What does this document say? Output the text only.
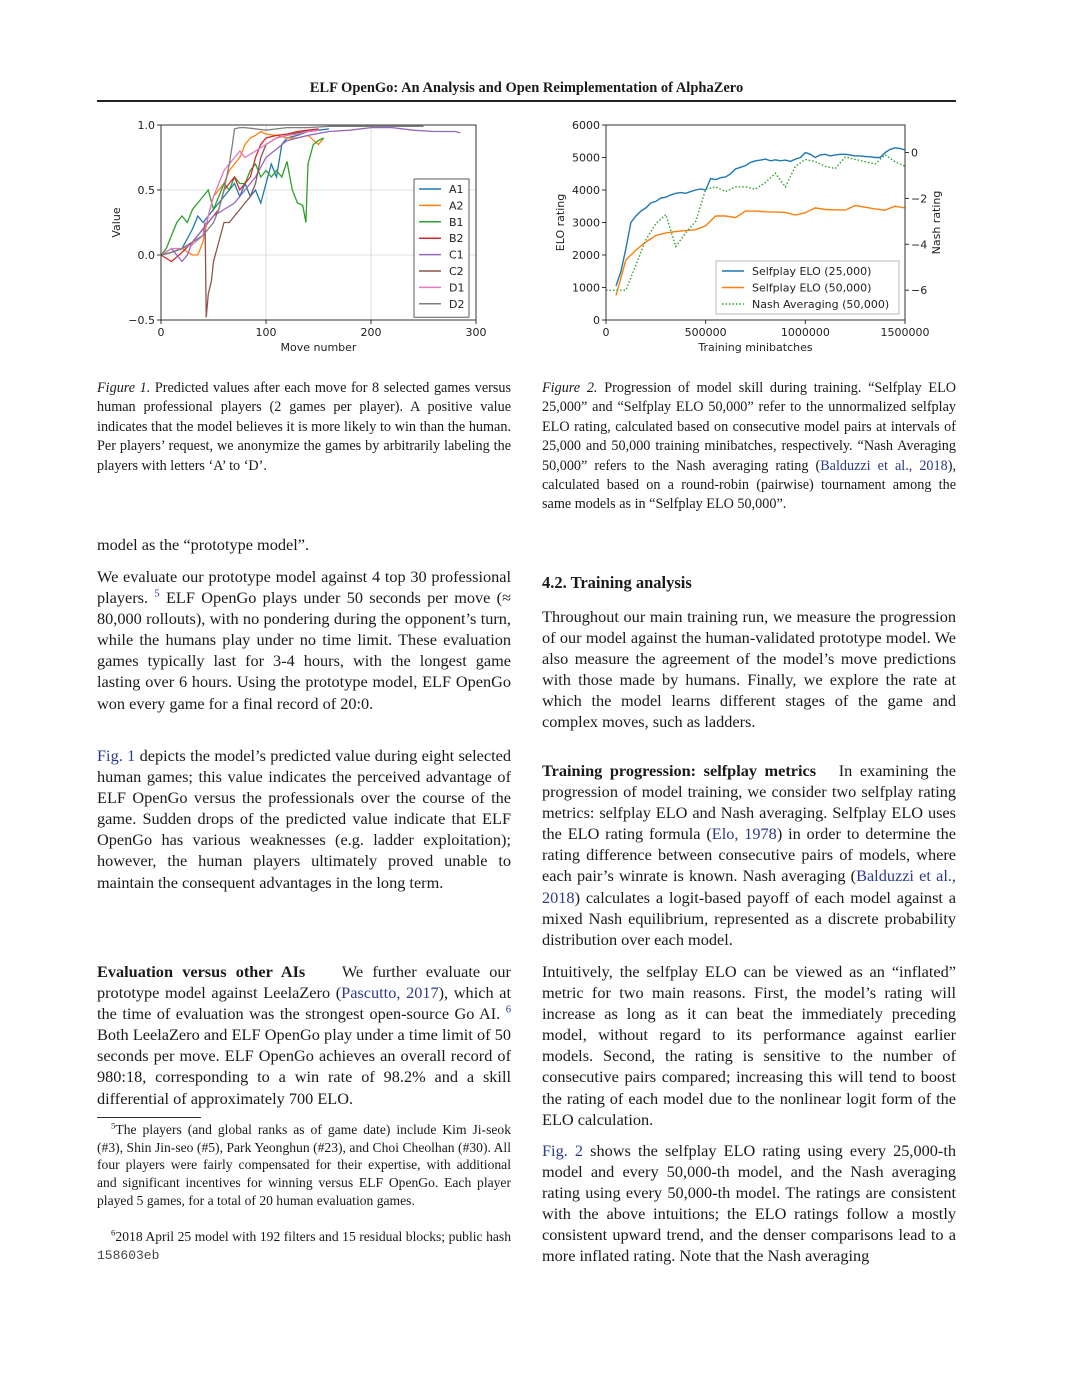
ELF OpenGo: An Analysis and Open Reimplementation of AlphaZero
0	100	200	300
−0.5
0.0
0.5
1.0
Move number
Value
A1
A2
B1
B2
C1
C2
D1
D2
0	500000	1000000	1500000
0
1000
2000
3000
4000
5000
6000
0
−2
−4
−6
Training minibatches
ELO rating	Nash rating
Selfplay ELO (25,000)
Selfplay ELO (50,000)
Nash Averaging (50,000)
Figure 1. Predicted values after each move for 8 selected games versus human professional players (2 games per player). A positive value indicates that the model believes it is more likely to win than the human. Per players’ request, we anonymize the games by arbitrarily labeling the players with letters ‘A’ to ‘D’.
Figure 2. Progression of model skill during training. “Selfplay ELO 25,000” and “Selfplay ELO 50,000” refer to the unnormalized selfplay ELO rating, calculated based on consecutive model pairs at intervals of 25,000 and 50,000 training minibatches, respectively. “Nash Averaging 50,000” refers to the Nash averaging rating (Balduzzi et al., 2018), calculated based on a round-robin (pairwise) tournament among the same models as in “Selfplay ELO 50,000”.
model as the “prototype model”.
We evaluate our prototype model against 4 top 30 professional players. $^5$ ELF OpenGo plays under 50 seconds per move (≈ 80,000 rollouts), with no pondering during the opponent’s turn, while the humans play under no time limit. These evaluation games typically last for 3-4 hours, with the longest game lasting over 6 hours. Using the prototype model, ELF OpenGo won every game for a final record of 20:0.
Fig. 1 depicts the model’s predicted value during eight selected human games; this value indicates the perceived advantage of ELF OpenGo versus the professionals over the course of the game. Sudden drops of the predicted value indicate that ELF OpenGo has various weaknesses (e.g. ladder exploitation); however, the human players ultimately proved unable to maintain the consequent advantages in the long term.
Evaluation versus other AIs    We further evaluate our prototype model against LeelaZero (Pascutto, 2017), which at the time of evaluation was the strongest open-source Go AI. $^6$ Both LeelaZero and ELF OpenGo play under a time limit of 50 seconds per move. ELF OpenGo achieves an overall record of 980:18, corresponding to a win rate of 98.2% and a skill differential of approximately 700 ELO.
$^5$The players (and global ranks as of game date) include Kim Ji-seok (#3), Shin Jin-seo (#5), Park Yeonghun (#23), and Choi Cheolhan (#30). All four players were fairly compensated for their expertise, with additional and significant incentives for winning versus ELF OpenGo. Each player played 5 games, for a total of 20 human evaluation games.
$^6$2018 April 25 model with 192 filters and 15 residual blocks; public hash 158603eb
4.2. Training analysis
Throughout our main training run, we measure the progression of our model against the human-validated prototype model. We also measure the agreement of the model’s move predictions with those made by humans. Finally, we explore the rate at which the model learns different stages of the game and complex moves, such as ladders.
Training progression: selfplay metrics   In examining the progression of model training, we consider two selfplay rating metrics: selfplay ELO and Nash averaging. Selfplay ELO uses the ELO rating formula (Elo, 1978) in order to determine the rating difference between consecutive pairs of models, where each pair’s winrate is known. Nash averaging (Balduzzi et al., 2018) calculates a logit-based payoff of each model against a mixed Nash equilibrium, represented as a discrete probability distribution over each model.
Intuitively, the selfplay ELO can be viewed as an “inflated” metric for two main reasons. First, the model’s rating will increase as long as it can beat the immediately preceding model, without regard to its performance against earlier models. Second, the rating is sensitive to the number of consecutive pairs compared; increasing this will tend to boost the rating of each model due to the nonlinear logit form of the ELO calculation.
Fig. 2 shows the selfplay ELO rating using every 25,000-th model and every 50,000-th model, and the Nash averaging rating using every 50,000-th model. The ratings are consistent with the above intuitions; the ELO ratings follow a mostly consistent upward trend, and the denser comparisons lead to a more inflated rating. Note that the Nash averaging
